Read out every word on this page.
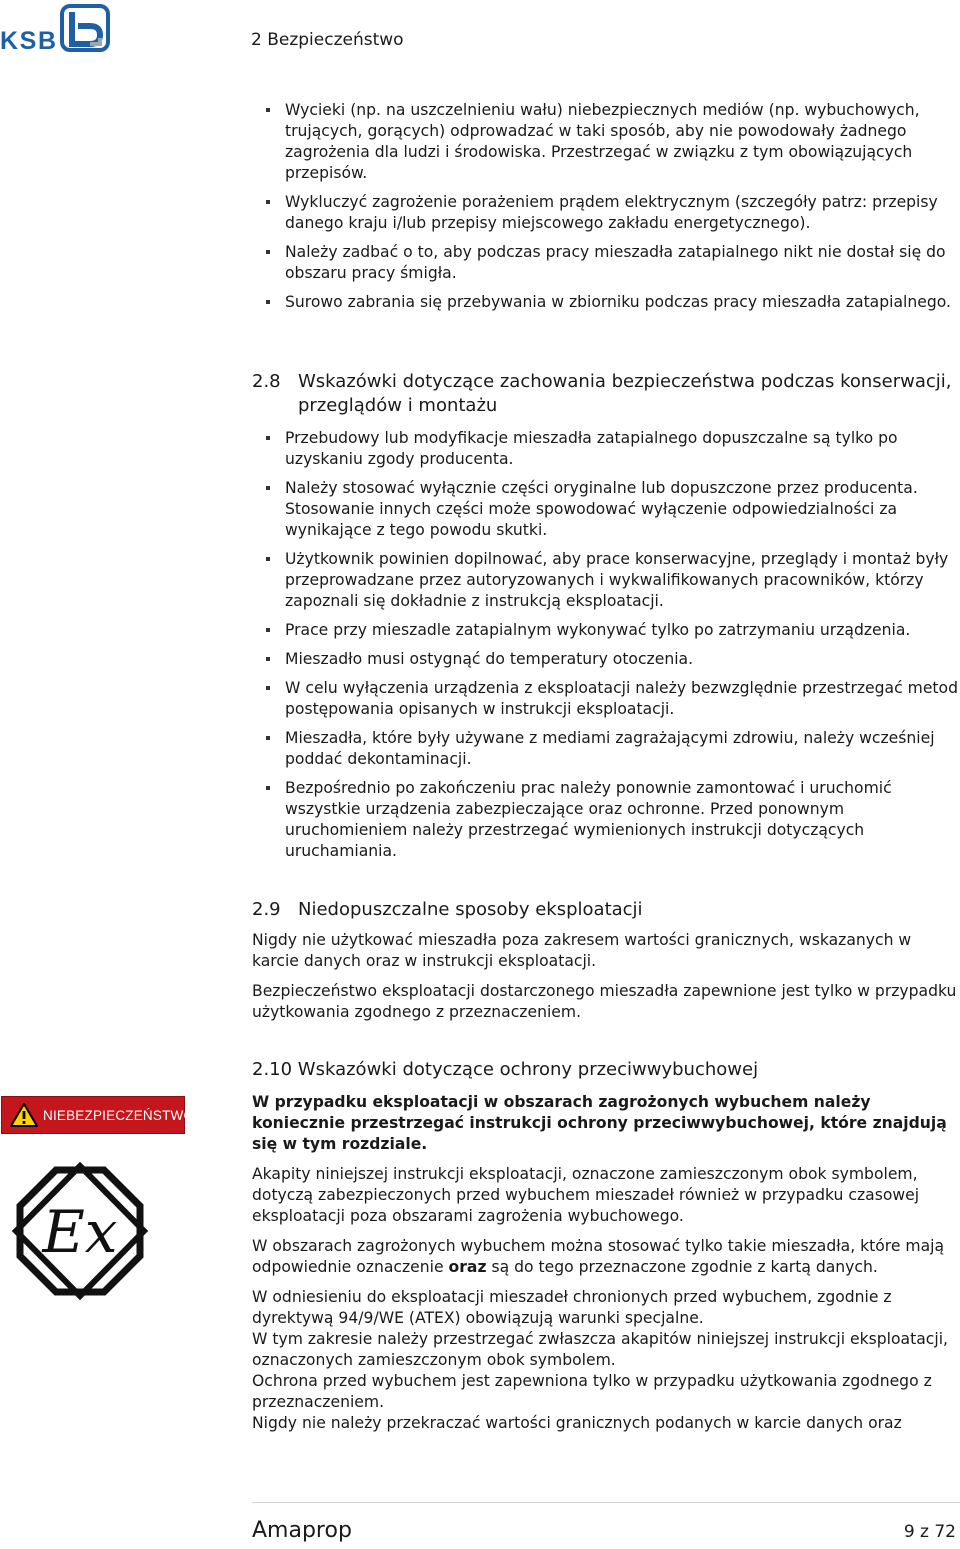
KSB	2 Bezpieczeństwo
Wycieki (np. na uszczelnieniu wału) niebezpiecznych mediów (np. wybuchowych, trujących, gorących) odprowadzać w taki sposób, aby nie powodowały żadnego zagrożenia dla ludzi i środowiska. Przestrzegać w związku z tym obowiązujących przepisów.
Wykluczyć zagrożenie porażeniem prądem elektrycznym (szczegóły patrz: przepisy danego kraju i/lub przepisy miejscowego zakładu energetycznego).
Należy zadbać o to, aby podczas pracy mieszadła zatapialnego nikt nie dostał się do obszaru pracy śmigła.
Surowo zabrania się przebywania w zbiorniku podczas pracy mieszadła zatapialnego.
2.8 Wskazówki dotyczące zachowania bezpieczeństwa podczas konserwacji, przeglądów i montażu
Przebudowy lub modyfikacje mieszadła zatapialnego dopuszczalne są tylko po uzyskaniu zgody producenta.
Należy stosować wyłącznie części oryginalne lub dopuszczone przez producenta. Stosowanie innych części może spowodować wyłączenie odpowiedzialności za wynikające z tego powodu skutki.
Użytkownik powinien dopilnować, aby prace konserwacyjne, przeglądy i montaż były przeprowadzane przez autoryzowanych i wykwalifikowanych pracowników, którzy zapoznali się dokładnie z instrukcją eksploatacji.
Prace przy mieszadle zatapialnym wykonywać tylko po zatrzymaniu urządzenia.
Mieszadło musi ostygnąć do temperatury otoczenia.
W celu wyłączenia urządzenia z eksploatacji należy bezwzględnie przestrzegać metod postępowania opisanych w instrukcji eksploatacji.
Mieszadła, które były używane z mediami zagrażającymi zdrowiu, należy wcześniej poddać dekontaminacji.
Bezpośrednio po zakończeniu prac należy ponownie zamontować i uruchomić wszystkie urządzenia zabezpieczające oraz ochronne. Przed ponownym uruchomieniem należy przestrzegać wymienionych instrukcji dotyczących uruchamiania.
2.9 Niedopuszczalne sposoby eksploatacji

Nigdy nie użytkować mieszadła poza zakresem wartości granicznych, wskazanych w karcie danych oraz w instrukcji eksploatacji.

Bezpieczeństwo eksploatacji dostarczonego mieszadła zapewnione jest tylko w przypadku użytkowania zgodnego z przeznaczeniem.

2.10 Wskazówki dotyczące ochrony przeciwwybuchowej

W przypadku eksploatacji w obszarach zagrożonych wybuchem należy koniecznie przestrzegać instrukcji ochrony przeciwwybuchowej, które znajdują się w tym rozdziale.

Akapity niniejszej instrukcji eksploatacji, oznaczone zamieszczonym obok symbolem, dotyczą zabezpieczonych przed wybuchem mieszadeł również w przypadku czasowej eksploatacji poza obszarami zagrożenia wybuchowego.

W obszarach zagrożonych wybuchem można stosować tylko takie mieszadła, które mają odpowiednie oznaczenie oraz są do tego przeznaczone zgodnie z kartą danych.

W odniesieniu do eksploatacji mieszadeł chronionych przed wybuchem, zgodnie z dyrektywą 94/9/WE (ATEX) obowiązują warunki specjalne.
W tym zakresie należy przestrzegać zwłaszcza akapitów niniejszej instrukcji eksploatacji, oznaczonych zamieszczonym obok symbolem.
Ochrona przed wybuchem jest zapewniona tylko w przypadku użytkowania zgodnego z przeznaczeniem.
Nigdy nie należy przekraczać wartości granicznych podanych w karcie danych oraz
NIEBEZPIECZEŃSTWO
Ex
Amaprop	9 z 72
